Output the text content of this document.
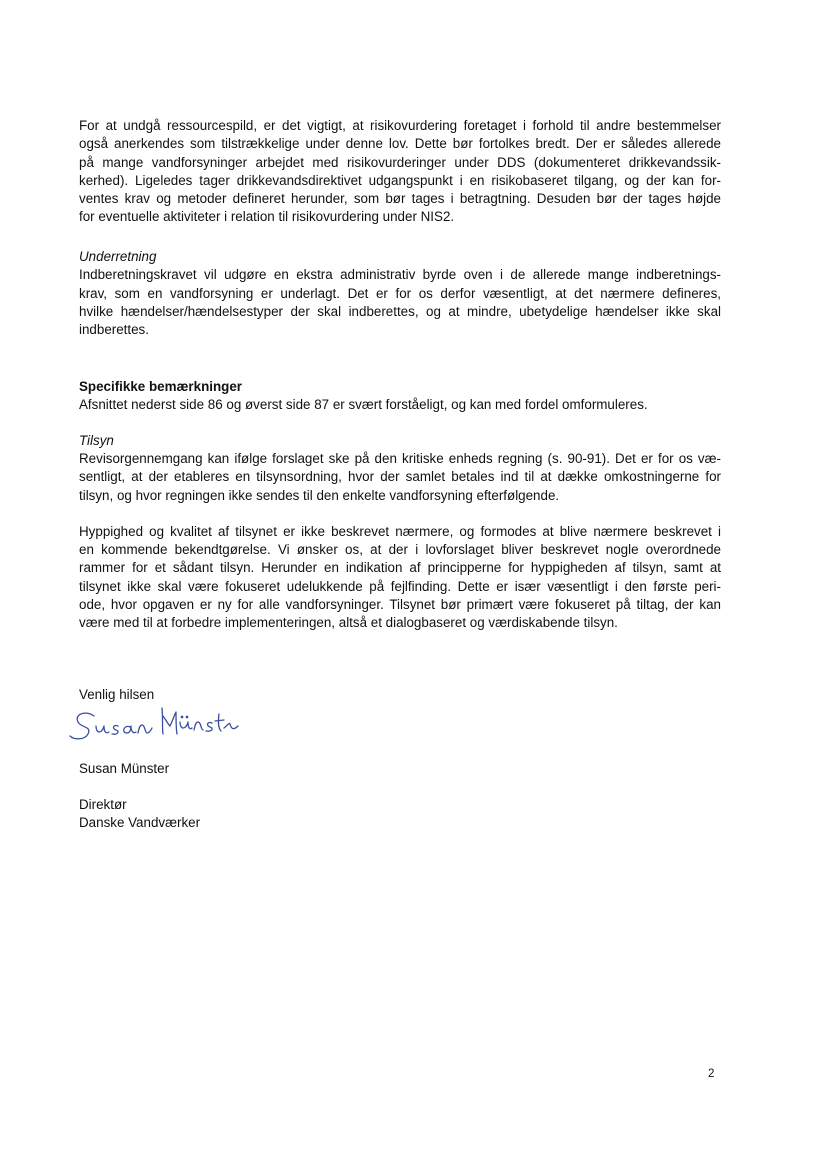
For at undgå ressourcespild, er det vigtigt, at risikovurdering foretaget i forhold til andre bestemmelser
også anerkendes som tilstrækkelige under denne lov. Dette bør fortolkes bredt. Der er således allerede
på mange vandforsyninger arbejdet med risikovurderinger under DDS (dokumenteret drikkevandssik-
kerhed). Ligeledes tager drikkevandsdirektivet udgangspunkt i en risikobaseret tilgang, og der kan for-
ventes krav og metoder defineret herunder, som bør tages i betragtning. Desuden bør der tages højde
for eventuelle aktiviteter i relation til risikovurdering under NIS2.
Underretning
Indberetningskravet vil udgøre en ekstra administrativ byrde oven i de allerede mange indberetnings-
krav, som en vandforsyning er underlagt. Det er for os derfor væsentligt, at det nærmere defineres,
hvilke hændelser/hændelsestyper der skal indberettes, og at mindre, ubetydelige hændelser ikke skal
indberettes.
Specifikke bemærkninger
Afsnittet nederst side 86 og øverst side 87 er svært forståeligt, og kan med fordel omformuleres.
Tilsyn
Revisorgennemgang kan ifølge forslaget ske på den kritiske enheds regning (s. 90-91). Det er for os væ-
sentligt, at der etableres en tilsynsordning, hvor der samlet betales ind til at dække omkostningerne for
tilsyn, og hvor regningen ikke sendes til den enkelte vandforsyning efterfølgende.
Hyppighed og kvalitet af tilsynet er ikke beskrevet nærmere, og formodes at blive nærmere beskrevet i
en kommende bekendtgørelse. Vi ønsker os, at der i lovforslaget bliver beskrevet nogle overordnede
rammer for et sådant tilsyn. Herunder en indikation af principperne for hyppigheden af tilsyn, samt at
tilsynet ikke skal være fokuseret udelukkende på fejlfinding. Dette er især væsentligt i den første peri-
ode, hvor opgaven er ny for alle vandforsyninger. Tilsynet bør primært være fokuseret på tiltag, der kan
være med til at forbedre implementeringen, altså et dialogbaseret og værdiskabende tilsyn.
Venlig hilsen
Susan Münster
Direktør
Danske Vandværker
2
